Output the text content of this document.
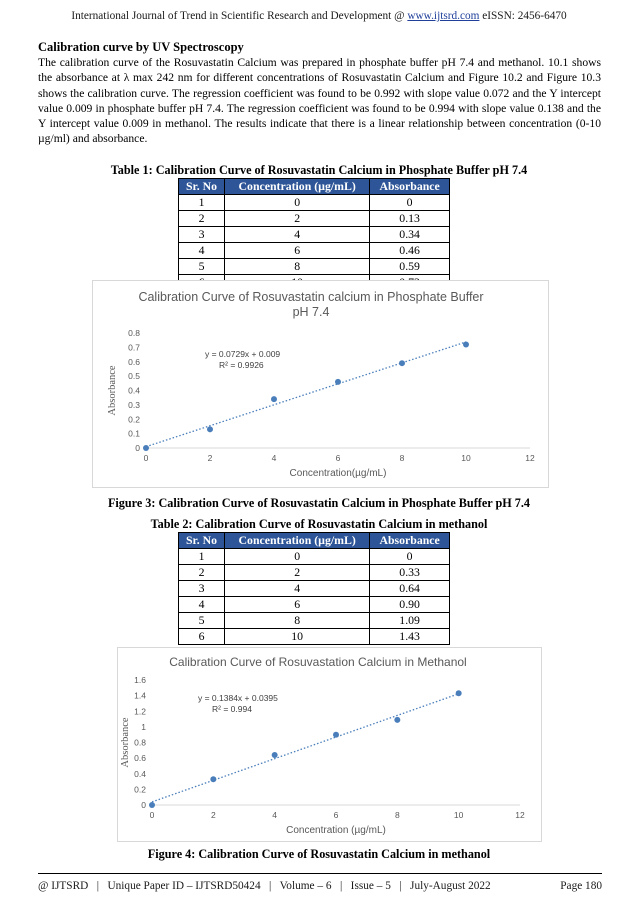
International Journal of Trend in Scientific Research and Development @ www.ijtsrd.com eISSN: 2456-6470
Calibration curve by UV Spectroscopy
The calibration curve of the Rosuvastatin Calcium was prepared in phosphate buffer pH 7.4 and methanol. 10.1 shows the absorbance at λ max 242 nm for different concentrations of Rosuvastatin Calcium and Figure 10.2 and Figure 10.3 shows the calibration curve. The regression coefficient was found to be 0.992 with slope value 0.072 and the Y intercept value 0.009 in phosphate buffer pH 7.4. The regression coefficient was found to be 0.994 with slope value 0.138 and the Y intercept value 0.009 in methanol. The results indicate that there is a linear relationship between concentration (0-10 µg/ml) and absorbance.
Table 1: Calibration Curve of Rosuvastatin Calcium in Phosphate Buffer pH 7.4
Sr. No	Concentration (µg/mL)	Absorbance
1	0	0
2	2	0.13
3	4	0.34
4	6	0.46
5	8	0.59

Calibration Curve of Rosuvastatin calcium in Phosphate Buffer
pH 7.4
0	2	4	6	8	10	12
0
0.1
0.2
0.3
0.4
0.5
0.6
0.7
0.8
Concentration(µg/mL)
Absorbance
y = 0.0729x + 0.009
R² = 0.9926
Figure 3: Calibration Curve of Rosuvastatin Calcium in Phosphate Buffer pH 7.4
Table 2: Calibration Curve of Rosuvastatin Calcium in methanol
Sr. No	Concentration (µg/mL)	Absorbance
1	0	0
2	2	0.33
3	4	0.64
4	6	0.90
5	8	1.09
6	10	1.43
Calibration Curve of Rosuvastation Calcium in Methanol
0	2	4	6	8	10	12
0
0.2
0.4
0.6
0.8
1
1.2
1.4
1.6
Concentration (µg/mL)
Absorbance
y = 0.1384x + 0.0395
R² = 0.994
Figure 4: Calibration Curve of Rosuvastatin Calcium in methanol
@ IJTSRD   |   Unique Paper ID – IJTSRD50424   |   Volume – 6   |   Issue – 5   |   July-August 2022	Page 180
